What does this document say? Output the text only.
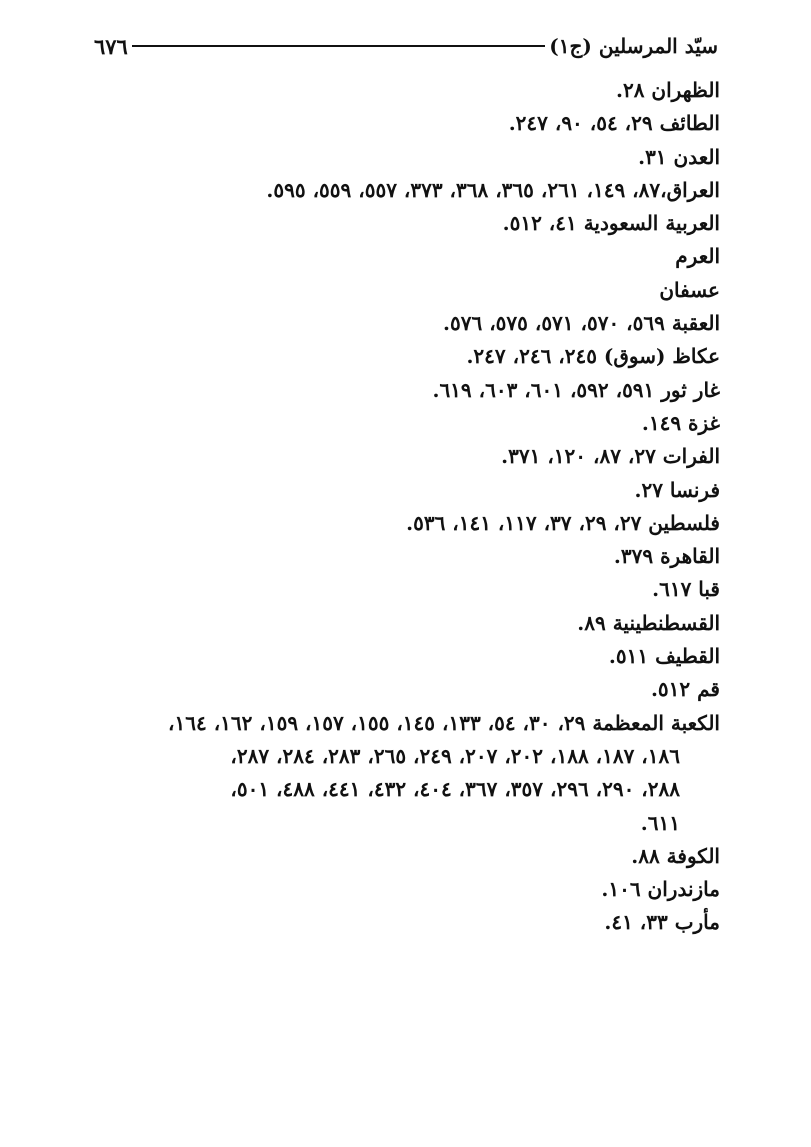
سيّد المرسلين (ج١)
٦٧٦
الظهران ٢٨.
الطائف ٢٩، ٥٤، ٩٠، ٢٤٧.
العدن ٣١.
العراق،٨٧، ١٤٩، ٢٦١، ٣٦٥، ٣٦٨، ٣٧٣، ٥٥٧، ٥٥٩، ٥٩٥.
العربية السعودية ٤١، ٥١٢.
العرم
عسفان
العقبة ٥٦٩، ٥٧٠، ٥٧١، ٥٧٥، ٥٧٦.
عكاظ (سوق) ٢٤٥، ٢٤٦، ٢٤٧.
غار ثور ٥٩١، ٥٩٢، ٦٠١، ٦٠٣، ٦١٩.
غزة ١٤٩.
الفرات ٢٧، ٨٧، ١٢٠، ٣٧١.
فرنسا ٢٧.
فلسطين ٢٧، ٢٩، ٣٧، ١١٧، ١٤١، ٥٣٦.
القاهرة ٣٧٩.
قبا ٦١٧.
القسطنطينية ٨٩.
القطيف ٥١١.
قم ٥١٢.
الكعبة المعظمة ٢٩، ٣٠، ٥٤، ١٣٣، ١٤٥، ١٥٥، ١٥٧، ١٥٩، ١٦٢، ١٦٤،
١٨٦، ١٨٧، ١٨٨، ٢٠٢، ٢٠٧، ٢٤٩، ٢٦٥، ٢٨٣، ٢٨٤، ٢٨٧،
٢٨٨، ٢٩٠، ٢٩٦، ٣٥٧، ٣٦٧، ٤٠٤، ٤٣٢، ٤٤١، ٤٨٨، ٥٠١،
٦١١.
الكوفة ٨٨.
مازندران ١٠٦.
مأرب ٣٣، ٤١.
